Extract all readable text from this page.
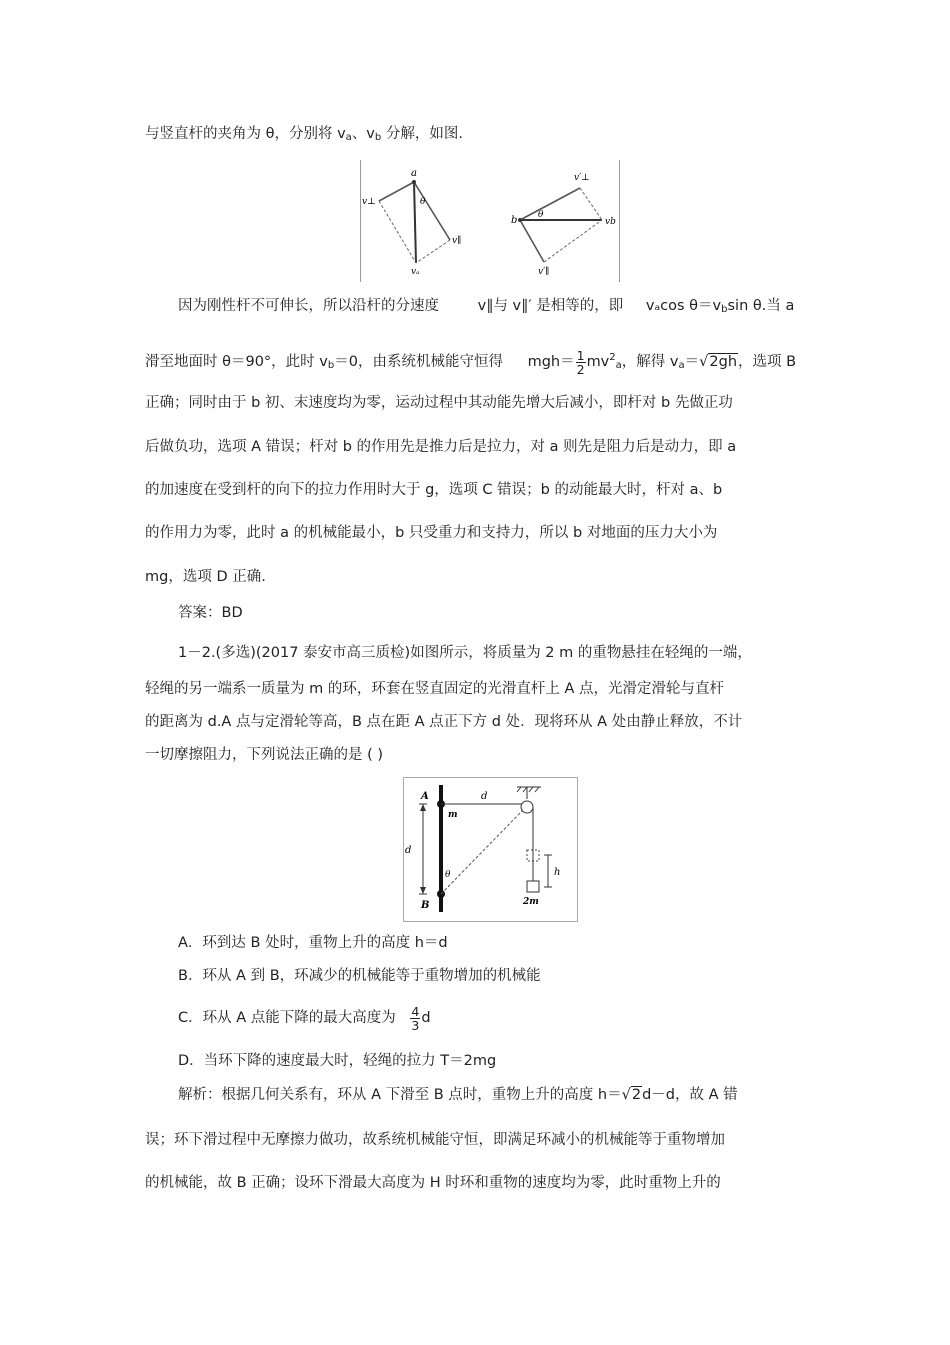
与竖直杆的夹角为 θ，分别将 $v_a$、$v_b$ 分解，如图.
a
θ
v⊥
v∥
vₐ
b θ
v′⊥
vb
v′∥
因为刚性杆不可伸长，所以沿杆的分速度	v∥与 v∥′ 是相等的，即 vₐcos $\theta=v_b\sin$ θ.当 a
滑至地面时 θ＝90°，此时 $v_b=0$，由系统机械能守恒得 $mgh= \frac{1}{2} mv^2_a$，解得 $v_a=√2gh$，选项 B
正确；同时由于 b 初、末速度均为零，运动过程中其动能先增大后减小，即杆对 b 先做正功
后做负功，选项 A 错误；杆对 b 的作用先是推力后是拉力，对 a 则先是阻力后是动力，即 a
的加速度在受到杆的向下的拉力作用时大于 g，选项 C 错误；b 的动能最大时，杆对 a、b
的作用力为零，此时 a 的机械能最小，b 只受重力和支持力，所以 b 对地面的压力大小为
mg，选项 D 正确.
答案：BD
1－2.(多选)(2017 泰安市高三质检)如图所示，将质量为 2 m 的重物悬挂在轻绳的一端，
轻绳的另一端系一质量为 m 的环，环套在竖直固定的光滑直杆上 A 点，光滑定滑轮与直杆
的距离为 d.A 点与定滑轮等高，B 点在距 A 点正下方 d 处．现将环从 A 处由静止释放，不计
一切摩擦阻力，下列说法正确的是 ( )
A
B
m
d
d
θ	h
2m
A．环到达 B 处时，重物上升的高度 h＝d
B．环从 A 到 B，环减少的机械能等于重物增加的机械能
C．环从 A 点能下降的最大高度为 $\frac{4}{3}$ d
D．当环下降的速度最大时，轻绳的拉力 T＝2mg
解析：根据几何关系有，环从 A 下滑至 B 点时，重物上升的高度 h＝√2d－d，故 A 错
误；环下滑过程中无摩擦力做功，故系统机械能守恒，即满足环减小的机械能等于重物增加
的机械能，故 B 正确；设环下滑最大高度为 H 时环和重物的速度均为零，此时重物上升的
